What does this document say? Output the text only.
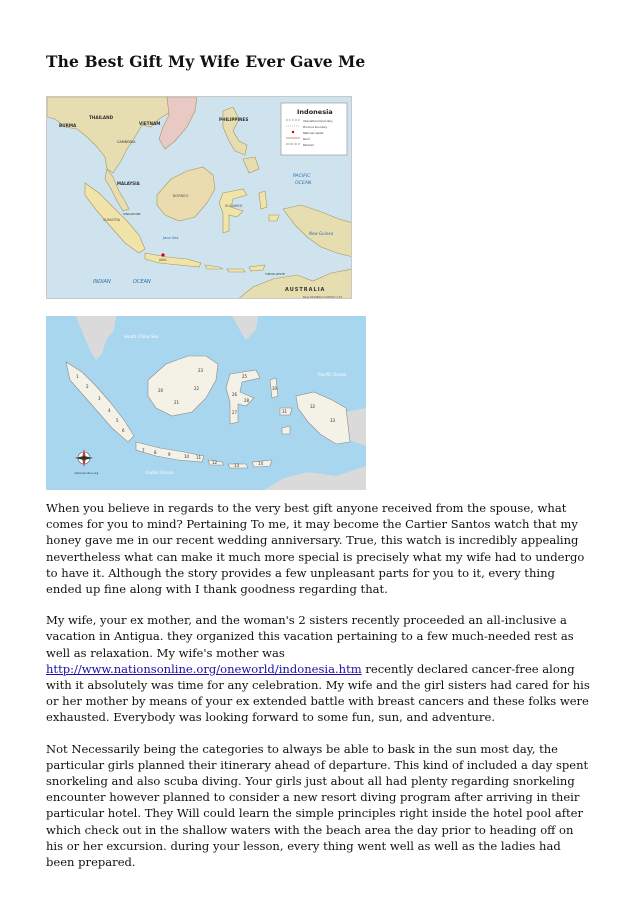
The Best Gift My Wife Ever Gave Me
Indonesia
International boundary
Province boundary
National capital
Road
Railroad
BURMA
THAILAND
VIETNAM
CAMBODIA
PHILIPPINES
MALAYSIA
SINGAPORE
SUMATRA
BORNEO
SULAWESI
JAVA
Java Sea
PACIFIC
OCEAN
New Guinea
INDIAN	OCEAN
TIMOR-LESTE
AUSTRALIA
Base 802989AI (C00592) 2-10
1
2
3
4
5
6
7 8	9	10 11
12
13	14
20
21
22
23
25
26
27
28
30
31
32
33
South China Sea
Pacific Ocean
Indian Ocean
nationsonline.org

When you believe in regards to the very best gift anyone received from the spouse, what comes for you to mind? Pertaining To me, it may become the Cartier Santos watch that my honey gave me in our recent wedding anniversary. True, this watch is incredibly appealing nevertheless what can make it much more special is precisely what my wife had to undergo to have it. Although the story provides a few unpleasant parts for you to it, every thing ended up fine along with I thank goodness regarding that.

My wife, your ex mother, and the woman's 2 sisters recently proceeded an all-inclusive a vacation in Antigua. they organized this vacation pertaining to a few much-needed rest as well as relaxation. My wife's mother was http://www.nationsonline.org/oneworld/indonesia.htm recently declared cancer-free along with it absolutely was time for any celebration. My wife and the girl sisters had cared for his or her mother by means of your ex extended battle with breast cancers and these folks were exhausted. Everybody was looking forward to some fun, sun, and adventure.

Not Necessarily being the categories to always be able to bask in the sun most day, the particular girls planned their itinerary ahead of departure. This kind of included a day spent snorkeling and also scuba diving. Your girls just about all had plenty regarding snorkeling encounter however planned to consider a new resort diving program after arriving in their particular hotel. They Will could learn the simple principles right inside the hotel pool after which check out in the shallow waters with the beach area the day prior to heading off on his or her excursion. during your lesson, every thing went well as well as the ladies had been prepared.
